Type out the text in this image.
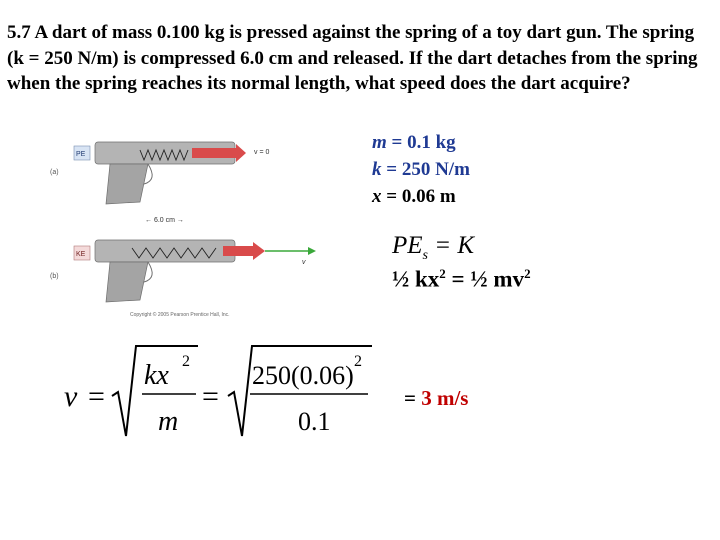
5.7 A dart of mass 0.100 kg is pressed against the spring of a toy dart gun. The spring (k = 250 N/m) is compressed 6.0 cm and released. If the dart detaches from the spring when the spring reaches its normal length, what speed does the dart acquire?

(a)
PE	v = 0
← 6.0 cm →
(b)
KE
v
Copyright © 2005 Pearson Prentice Hall, Inc.
m = 0.1 kg
k = 250 N/m
x = 0.06 m
$PE_s = K$
½ $kx^2$ = ½ $mv^2$
v =
kx 2
m
=
250(0.06) 2
0.1
= 3 m/s
